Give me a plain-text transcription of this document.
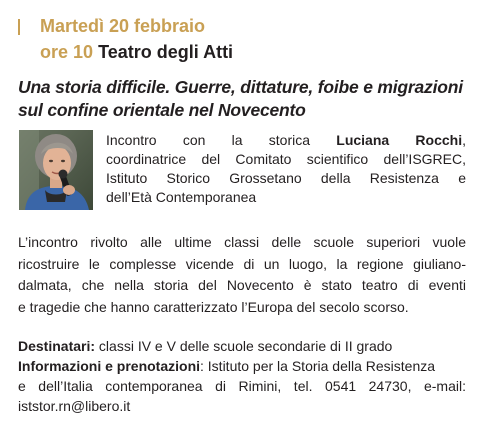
Martedì 20 febbraio
ore 10 Teatro degli Atti
Una storia difficile. Guerre, dittature, foibe e migrazioni
sul confine orientale nel Novecento
Incontro con la storica Luciana Rocchi,
coordinatrice del Comitato scientifico dell’ISGREC,
Istituto Storico Grossetano della Resistenza e
dell’Età Contemporanea
L’incontro rivolto alle ultime classi delle scuole superiori vuole
ricostruire le complesse vicende di un luogo, la regione giuliano-
dalmata, che nella storia del Novecento è stato teatro di eventi
e tragedie che hanno caratterizzato l’Europa del secolo scorso.
Destinatari: classi IV e V delle scuole secondarie di II grado
Informazioni e prenotazioni: Istituto per la Storia della Resistenza
e dell’Italia contemporanea di Rimini, tel. 0541 24730, e-mail:
iststor.rn@libero.it
